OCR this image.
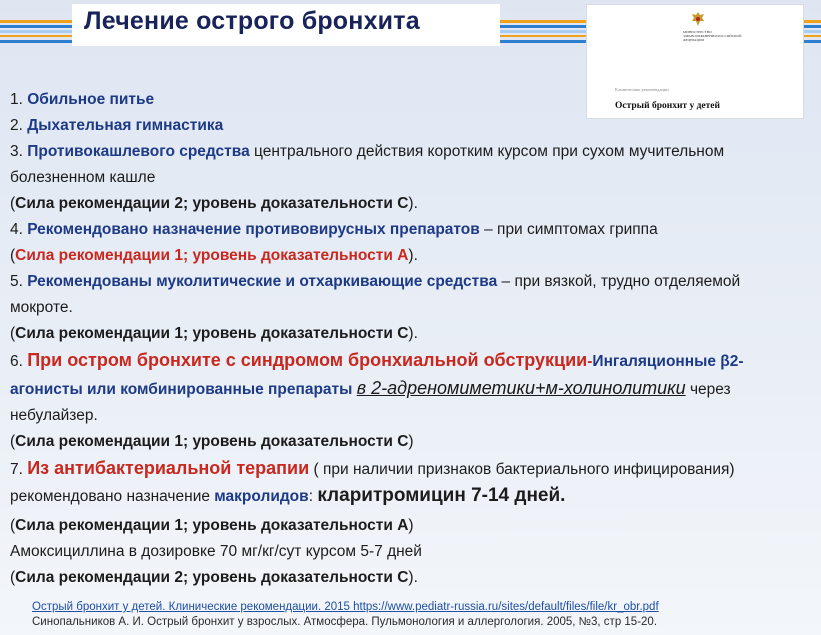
Лечение острого бронхита	МИНИСТЕРСТВО ЗДРАВООХРАНЕНИЯ РОССИЙСКОЙ ФЕДЕРАЦИИ
Клинические рекомендации
Острый бронхит у детей
1. Обильное питье
2. Дыхательная гимнастика
3. Противокашлевого средства центрального действия коротким курсом при сухом мучительном
болезненном кашле
(Сила рекомендации 2; уровень доказательности С).
4. Рекомендовано назначение противовирусных препаратов – при симптомах гриппа
(Сила рекомендации 1; уровень доказательности А).
5. Рекомендованы муколитические и отхаркивающие средства – при вязкой, трудно отделяемой
мокроте.
(Сила рекомендации 1; уровень доказательности С).
6. При остром бронхите с синдромом бронхиальной обструкции-Ингаляционные β2-
агонисты или комбинированные препараты в 2-адреномиметики+м-холинолитики через
небулайзер.
(Сила рекомендации 1; уровень доказательности С)
7. Из антибактериальной терапии ( при наличии признаков бактериального инфицирования)
рекомендовано назначение макролидов: кларитромицин 7-14 дней.
(Сила рекомендации 1; уровень доказательности А)
Амоксициллина в дозировке 70 мг/кг/сут курсом 5-7 дней
(Сила рекомендации 2; уровень доказательности С).
Острый бронхит у детей. Клинические рекомендации. 2015 https://www.pediatr-russia.ru/sites/default/files/file/kr_obr.pdf
Синопальников А. И. Острый бронхит у взрослых. Атмосфера. Пульмонология и аллергология. 2005, №3, стр 15-20.
